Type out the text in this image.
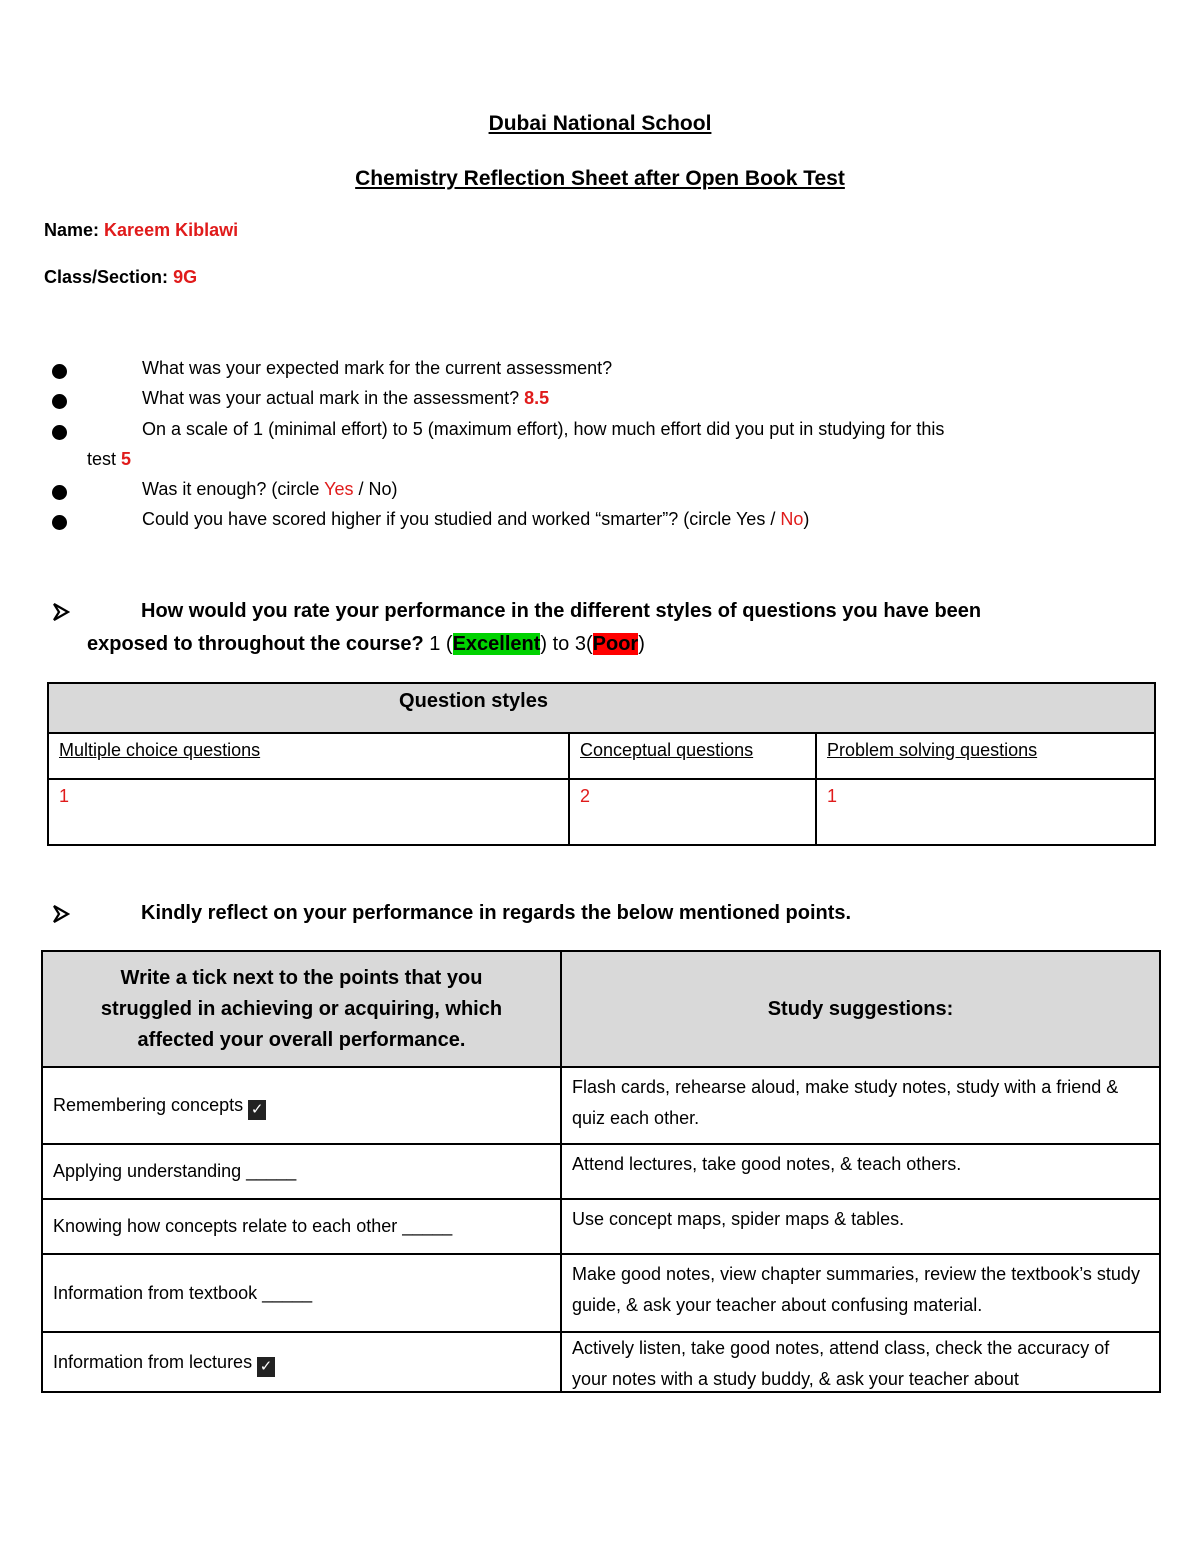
Dubai National School
Chemistry Reflection Sheet after Open Book Test
Name: Kareem Kiblawi
Class/Section: 9G
What was your expected mark for the current assessment?
What was your actual mark in the assessment? 8.5
On a scale of 1 (minimal effort) to 5 (maximum effort), how much effort did you put in studying for this
test 5
Was it enough? (circle Yes / No)
Could you have scored higher if you studied and worked “smarter”? (circle Yes / No)
How would you rate your performance in the different styles of questions you have been
exposed to throughout the course? 1 (Excellent) to 3(Poor)
Question styles		
Multiple choice questions	Conceptual questions	Problem solving questions
1	2	1
Kindly reflect on your performance in regards the below mentioned points.
Write a tick next to the points that you struggled in achieving or acquiring, which affected your overall performance.	Study suggestions:
Remembering concepts ✓	Flash cards, rehearse aloud, make study notes, study with a friend & quiz each other.
Applying understanding _____	Attend lectures, take good notes, & teach others.
Knowing how concepts relate to each other _____	Use concept maps, spider maps & tables.
Information from textbook _____	Make good notes, view chapter summaries, review the textbook’s study guide, & ask your teacher about confusing material.
Information from lectures ✓	Actively listen, take good notes, attend class, check the accuracy of your notes with a study buddy, & ask your teacher about
